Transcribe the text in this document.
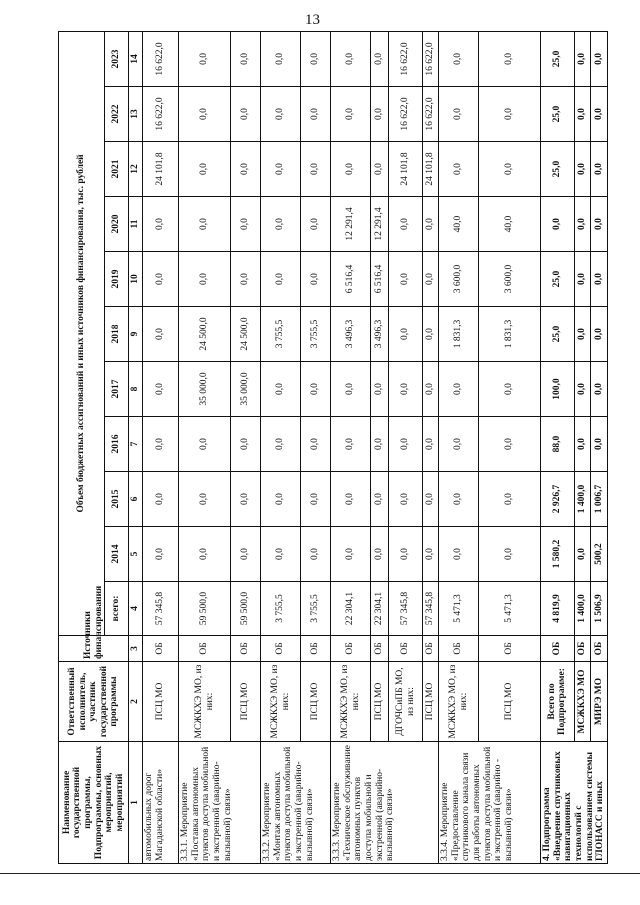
13
Наименование государственной программы, Подпрограммы, основных мероприятий, мероприятий	Ответственный исполнитель, участник государственной программы	Источники финансирования	Объем бюджетных ассигнований и иных источников финансирования, тыс. рублей										
			всего:	2014	2015	2016	2017	2018	2019	2020	2021	2022	2023
1	2	3	4	5	6	7	8	9	10	11	12	13	14
автомобильных дорог Магаданской области»	ПСЦ МО	ОБ	57 345,8	0,0	0,0	0,0	0,0	0,0	0,0	0,0	24 101,8	16 622,0	16 622,0
3.3.1. Мероприятие «Поставка автономных пунктов доступа мобильной и экстренной (аварийно-вызывной) связи»	МСЖКХЭ МО, из них:	ОБ	59 500,0	0,0	0,0	0,0	35 000,0	24 500,0	0,0	0,0	0,0	0,0	0,0
	ПСЦ МО	ОБ	59 500,0	0,0	0,0	0,0	35 000,0	24 500,0	0,0	0,0	0,0	0,0	0,0
3.3.2. Мероприятие «Монтаж автономных пунктов доступа мобильной и экстренной (аварийно-вызывной) связи»	МСЖКХЭ МО, из них:	ОБ	3 755,5	0,0	0,0	0,0	0,0	3 755,5	0,0	0,0	0,0	0,0	0,0
	ПСЦ МО	ОБ	3 755,5	0,0	0,0	0,0	0,0	3 755,5	0,0	0,0	0,0	0,0	0,0
3.3.3. Мероприятие «Техническое обслуживание автономных пунктов доступа мобильной и экстренной (аварийно-вызывной) связи»	МСЖКХЭ МО, из них:	ОБ	22 304,1	0,0	0,0	0,0	0,0	3 496,3	6 516,4	12 291,4	0,0	0,0	0,0
	ПСЦ МО	ОБ	22 304,1	0,0	0,0	0,0	0,0	3 496,3	6 516,4	12 291,4	0,0	0,0	0,0
	ДГОЧСиПБ МО, из них:	ОБ	57 345,8	0,0	0,0	0,0	0,0	0,0	0,0	0,0	24 101,8	16 622,0	16 622,0
	ПСЦ МО	ОБ	57 345,8	0,0	0,0	0,0	0,0	0,0	0,0	0,0	24 101,8	16 622,0	16 622,0
3.3.4. Мероприятие «Предоставление спутникового канала связи для работы автономных пунктов доступа мобильной и экстренной (аварийно - вызывной) связи»	МСЖКХЭ МО, из них:	ОБ	5 471,3	0,0	0,0	0,0	0,0	1 831,3	3 600,0	40,0	0,0	0,0	0,0
	ПСЦ МО	ОБ	5 471,3	0,0	0,0	0,0	0,0	1 831,3	3 600,0	40,0	0,0	0,0	0,0
4. Подпрограмма «Внедрение спутниковых навигационных технологий с использованием системы ГЛОНАСС и иных	Всего по Подпрограмме:	ОБ	4 819,9	1 580,2	2 926,7	88,0	100,0	25,0	25,0	0,0	25,0	25,0	25,0
	МСЖКХЭ МО	ОБ	1 400,0	0,0	1 400,0	0,0	0,0	0,0	0,0	0,0	0,0	0,0	0,0
	МИРЭ МО	ОБ	1 506,9	500,2	1 006,7	0,0	0,0	0,0	0,0	0,0	0,0	0,0	0,0
